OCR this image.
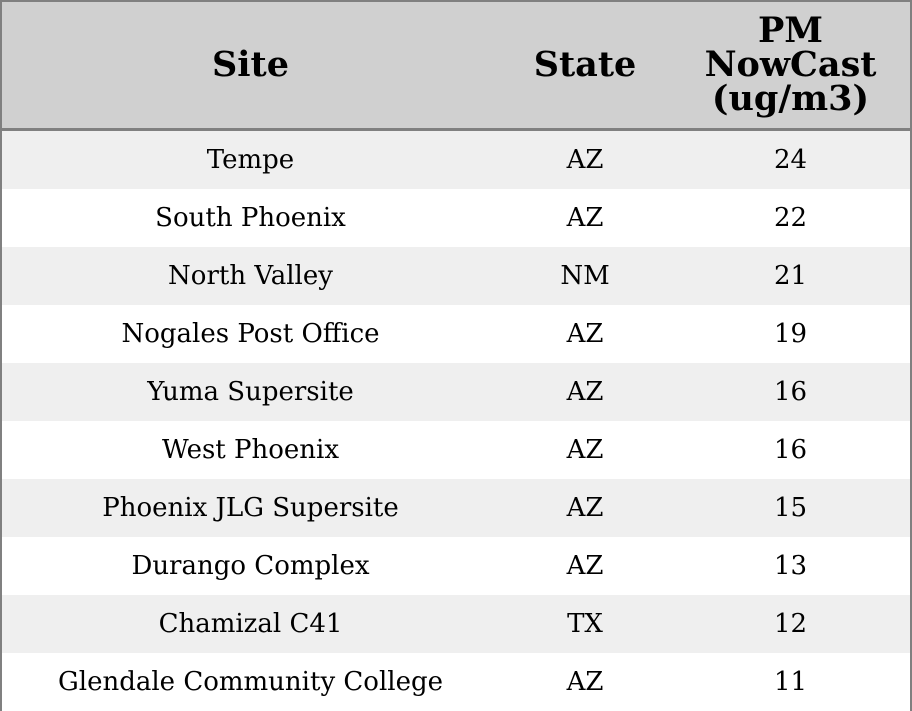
Site	State	PM
NowCast
(ug/m3)

Tempe	AZ	24
South Phoenix	AZ	22
North Valley	NM	21
Nogales Post Office	AZ	19
Yuma Supersite	AZ	16
West Phoenix	AZ	16
Phoenix JLG Supersite	AZ	15
Durango Complex	AZ	13
Chamizal C41	TX	12
Glendale Community College	AZ	11
